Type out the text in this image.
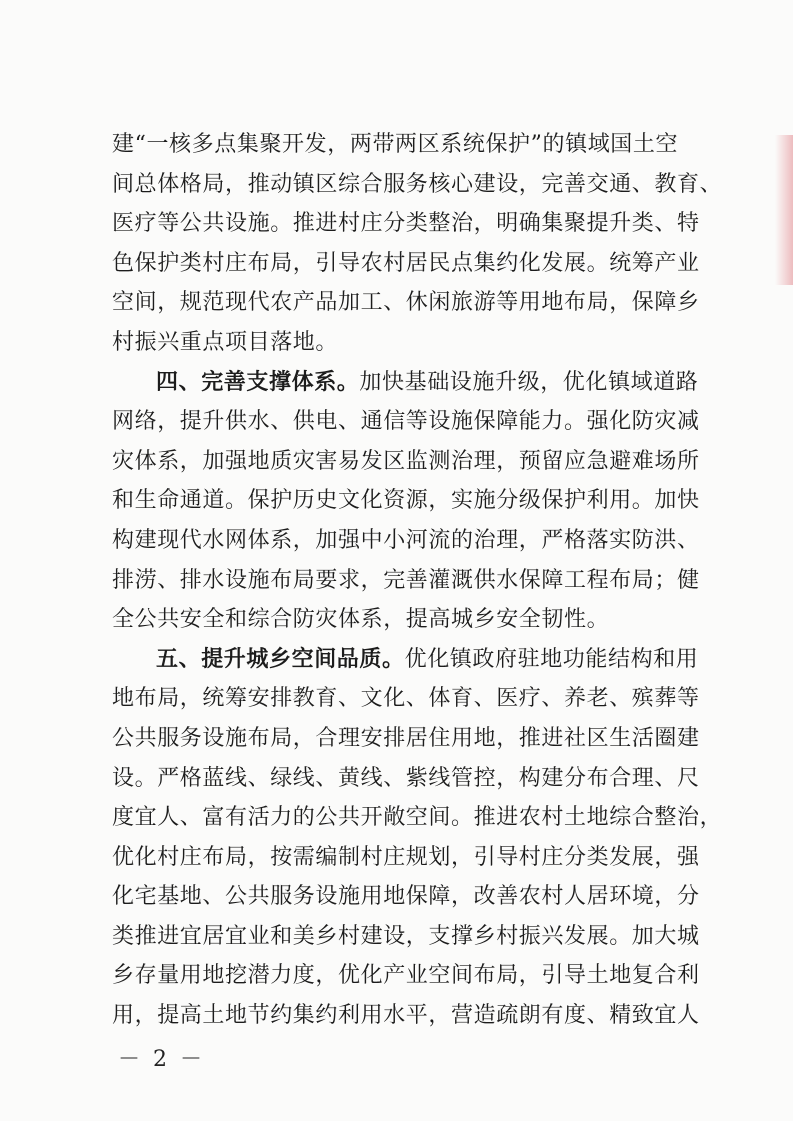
建“一核多点集聚开发，两带两区系统保护”的镇域国土空
间总体格局，推动镇区综合服务核心建设，完善交通、教育、
医疗等公共设施。推进村庄分类整治，明确集聚提升类、特
色保护类村庄布局，引导农村居民点集约化发展。统筹产业
空间，规范现代农产品加工、休闲旅游等用地布局，保障乡
村振兴重点项目落地。
四、完善支撑体系。加快基础设施升级，优化镇域道路
网络，提升供水、供电、通信等设施保障能力。强化防灾减
灾体系，加强地质灾害易发区监测治理，预留应急避难场所
和生命通道。保护历史文化资源，实施分级保护利用。加快
构建现代水网体系，加强中小河流的治理，严格落实防洪、
排涝、排水设施布局要求，完善灌溉供水保障工程布局；健
全公共安全和综合防灾体系，提高城乡安全韧性。
五、提升城乡空间品质。优化镇政府驻地功能结构和用
地布局，统筹安排教育、文化、体育、医疗、养老、殡葬等
公共服务设施布局，合理安排居住用地，推进社区生活圈建
设。严格蓝线、绿线、黄线、紫线管控，构建分布合理、尺
度宜人、富有活力的公共开敞空间。推进农村土地综合整治，
优化村庄布局，按需编制村庄规划，引导村庄分类发展，强
化宅基地、公共服务设施用地保障，改善农村人居环境，分
类推进宜居宜业和美乡村建设，支撑乡村振兴发展。加大城
乡存量用地挖潜力度，优化产业空间布局，引导土地复合利
用，提高土地节约集约利用水平，营造疏朗有度、精致宜人
－ 2 －
